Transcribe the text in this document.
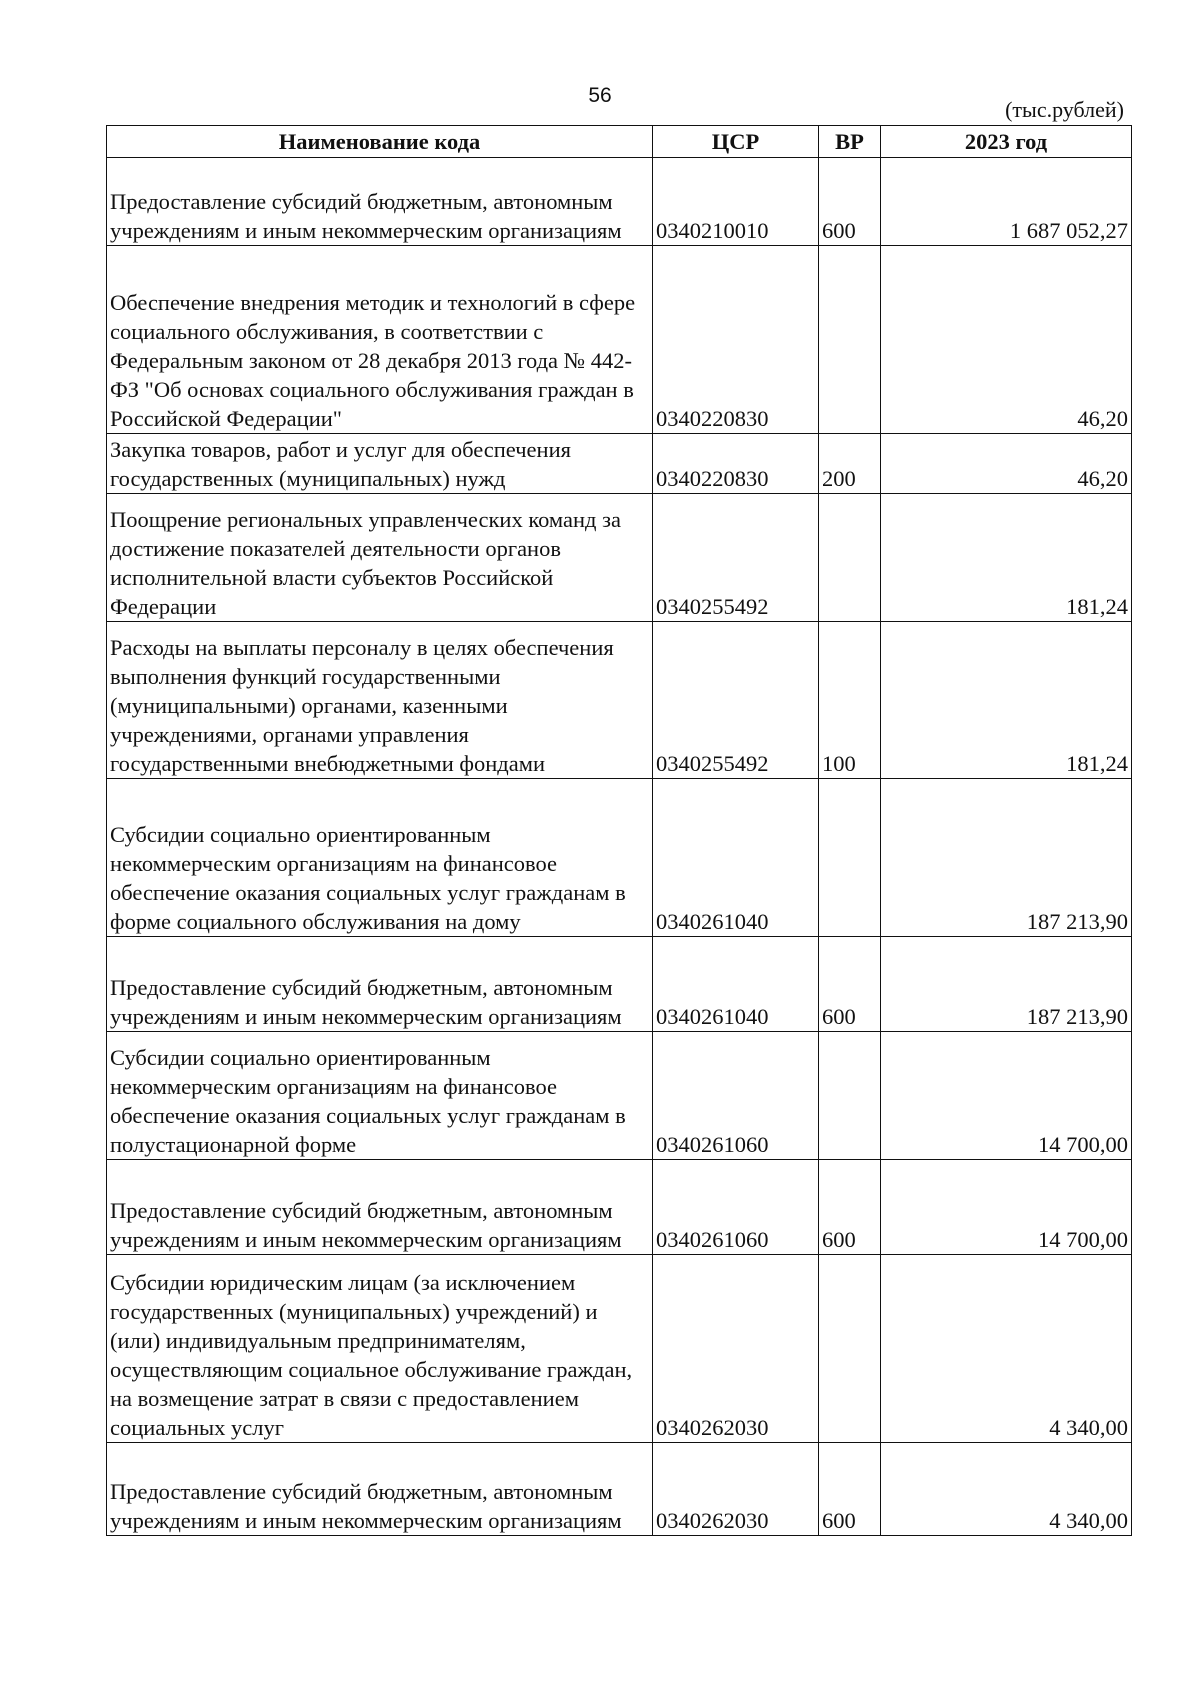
56
(тыс.рублей)
Наименование кода	ЦСР	ВР	2023 год
Предоставление субсидий бюджетным, автономным учреждениям и иным некоммерческим организациям	0340210010	600	1 687 052,27
Обеспечение внедрения методик и технологий в сфере социального обслуживания, в соответствии с Федеральным законом от 28 декабря 2013 года № 442-ФЗ "Об основах социального обслуживания граждан в Российской Федерации"	0340220830		46,20
Закупка товаров, работ и услуг для обеспечения государственных (муниципальных) нужд	0340220830	200	46,20
Поощрение региональных управленческих команд за достижение показателей деятельности органов исполнительной власти субъектов Российской Федерации	0340255492		181,24
Расходы на выплаты персоналу в целях обеспечения выполнения функций государственными (муниципальными) органами, казенными учреждениями, органами управления государственными внебюджетными фондами	0340255492	100	181,24
Субсидии социально ориентированным некоммерческим организациям на финансовое обеспечение оказания социальных услуг гражданам в форме социального обслуживания на дому	0340261040		187 213,90
Предоставление субсидий бюджетным, автономным учреждениям и иным некоммерческим организациям	0340261040	600	187 213,90
Субсидии социально ориентированным некоммерческим организациям на финансовое обеспечение оказания социальных услуг гражданам в полустационарной форме	0340261060		14 700,00
Предоставление субсидий бюджетным, автономным учреждениям и иным некоммерческим организациям	0340261060	600	14 700,00
Субсидии юридическим лицам (за исключением государственных (муниципальных) учреждений) и (или) индивидуальным предпринимателям, осуществляющим социальное обслуживание граждан, на возмещение затрат в связи с предоставлением социальных услуг	0340262030		4 340,00
Предоставление субсидий бюджетным, автономным учреждениям и иным некоммерческим организациям	0340262030	600	4 340,00
